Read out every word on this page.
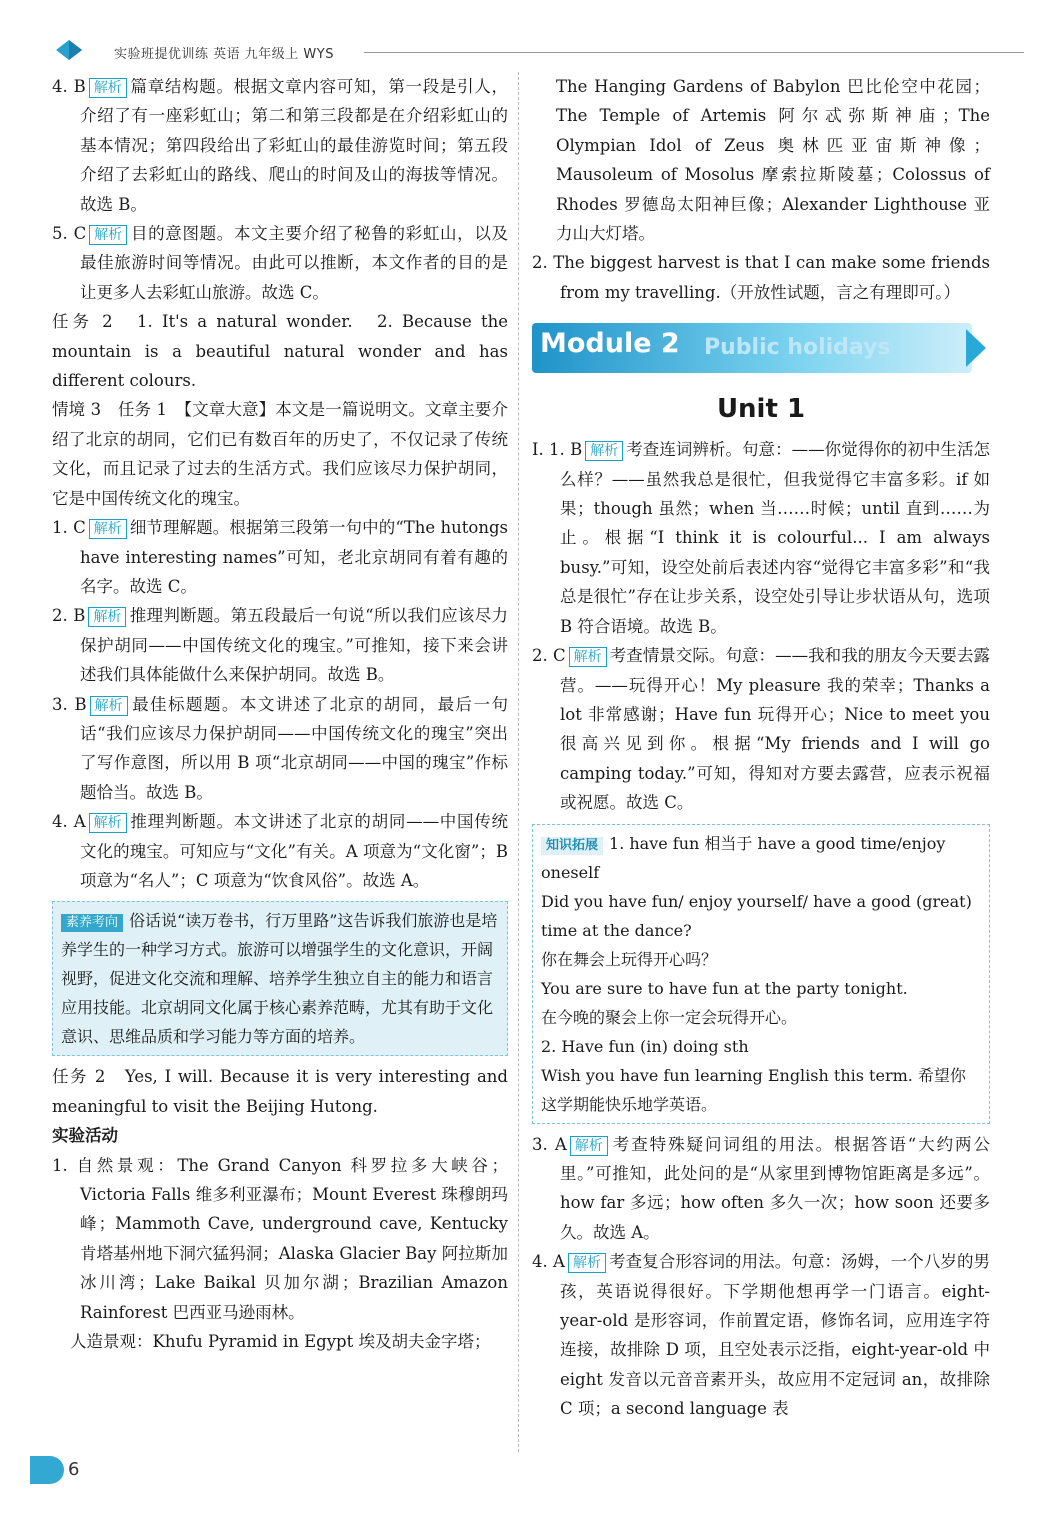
实验班提优训练 英语 九年级上 WYS
4. B 解析 篇章结构题。根据文章内容可知，第一段是引人，介绍了有一座彩虹山；第二和第三段都是在介绍彩虹山的基本情况；第四段给出了彩虹山的最佳游览时间；第五段介绍了去彩虹山的路线、爬山的时间及山的海拔等情况。故选 B。
5. C 解析 目的意图题。本文主要介绍了秘鲁的彩虹山，以及最佳旅游时间等情况。由此可以推断，本文作者的目的是让更多人去彩虹山旅游。故选 C。
任务 2　1. It's a natural wonder.　2. Because the mountain is a beautiful natural wonder and has different colours.
情境 3　任务 1　【文章大意】本文是一篇说明文。文章主要介绍了北京的胡同，它们已有数百年的历史了，不仅记录了传统文化，而且记录了过去的生活方式。我们应该尽力保护胡同，它是中国传统文化的瑰宝。
1. C 解析 细节理解题。根据第三段第一句中的“The hutongs have interesting names”可知，老北京胡同有着有趣的名字。故选 C。
2. B 解析 推理判断题。第五段最后一句说“所以我们应该尽力保护胡同——中国传统文化的瑰宝。”可推知，接下来会讲述我们具体能做什么来保护胡同。故选 B。
3. B 解析 最佳标题题。本文讲述了北京的胡同，最后一句话“我们应该尽力保护胡同——中国传统文化的瑰宝”突出了写作意图，所以用 B 项“北京胡同——中国的瑰宝”作标题恰当。故选 B。
4. A 解析 推理判断题。本文讲述了北京的胡同——中国传统文化的瑰宝。可知应与“文化”有关。A 项意为“文化窗”；B 项意为“名人”；C 项意为“饮食风俗”。故选 A。
素养考向 俗话说“读万卷书，行万里路”这告诉我们旅游也是培养学生的一种学习方式。旅游可以增强学生的文化意识，开阔视野，促进文化交流和理解、培养学生独立自主的能力和语言应用技能。北京胡同文化属于核心素养范畴，尤其有助于文化意识、思维品质和学习能力等方面的培养。
任务 2　Yes, I will. Because it is very interesting and meaningful to visit the Beijing Hutong.
实验活动
1. 自然景观：The Grand Canyon 科罗拉多大峡谷；Victoria Falls 维多利亚瀑布；Mount Everest 珠穆朗玛峰；Mammoth Cave, underground cave, Kentucky 肯塔基州地下洞穴猛犸洞；Alaska Glacier Bay 阿拉斯加冰川湾；Lake Baikal 贝加尔湖；Brazilian Amazon Rainforest 巴西亚马逊雨林。
人造景观：Khufu Pyramid in Egypt 埃及胡夫金字塔；
The Hanging Gardens of Babylon 巴比伦空中花园；The Temple of Artemis 阿尔忒弥斯神庙；The Olympian Idol of Zeus 奥林匹亚宙斯神像；Mausoleum of Mosolus 摩索拉斯陵墓；Colossus of Rhodes 罗德岛太阳神巨像；Alexander Lighthouse 亚力山大灯塔。
2. The biggest harvest is that I can make some friends from my travelling.（开放性试题，言之有理即可。）
Module 2 Public holidays
Unit 1
I. 1. B 解析 考查连词辨析。句意：——你觉得你的初中生活怎么样？——虽然我总是很忙，但我觉得它丰富多彩。if 如果；though 虽然；when 当……时候；until 直到……为止。根据“I think it is colourful... I am always busy.”可知，设空处前后表述内容“觉得它丰富多彩”和“我总是很忙”存在让步关系，设空处引导让步状语从句，选项 B 符合语境。故选 B。
2. C 解析 考查情景交际。句意：——我和我的朋友今天要去露营。——玩得开心！My pleasure 我的荣幸；Thanks a lot 非常感谢；Have fun 玩得开心；Nice to meet you 很高兴见到你。根据“My friends and I will go camping today.”可知，得知对方要去露营，应表示祝福或祝愿。故选 C。
知识拓展 1. have fun 相当于 have a good time/enjoy oneself
Did you have fun/ enjoy yourself/ have a good (great) time at the dance?
你在舞会上玩得开心吗？
You are sure to have fun at the party tonight.
在今晚的聚会上你一定会玩得开心。
2. Have fun (in) doing sth
Wish you have fun learning English this term. 希望你这学期能快乐地学英语。
3. A 解析 考查特殊疑问词组的用法。根据答语“大约两公里。”可推知，此处问的是“从家里到博物馆距离是多远”。how far 多远；how often 多久一次；how soon 还要多久。故选 A。
4. A 解析 考查复合形容词的用法。句意：汤姆，一个八岁的男孩，英语说得很好。下学期他想再学一门语言。eight-year-old 是形容词，作前置定语，修饰名词，应用连字符连接，故排除 D 项，且空处表示泛指，eight-year-old 中 eight 发音以元音音素开头，故应用不定冠词 an，故排除 C 项；a second language 表
6
